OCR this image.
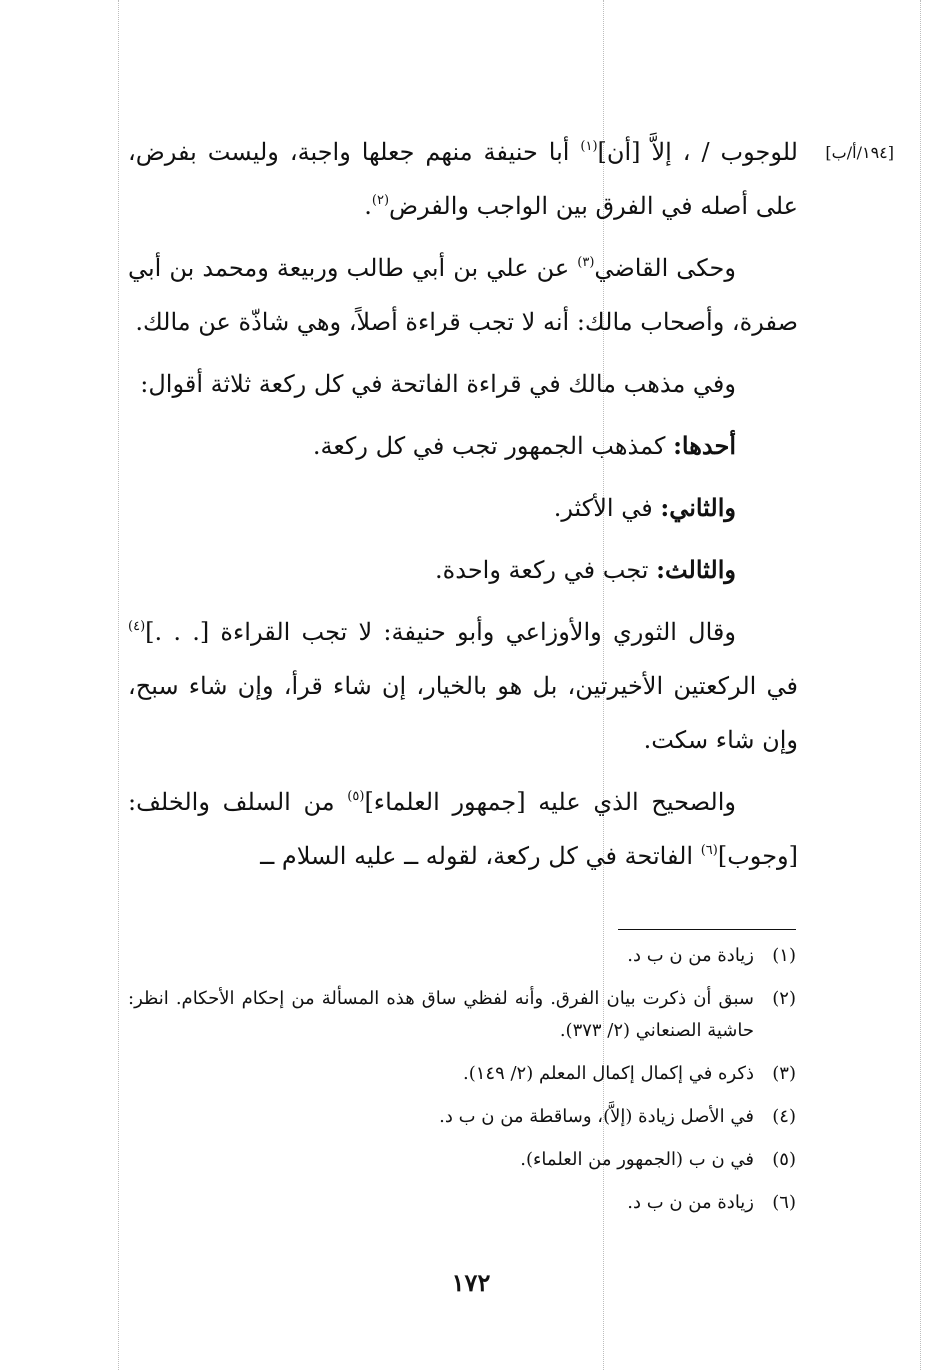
[١٩٤/أ/ب]

للوجوب / ، إلاَّ [أن]$^{(١)}$ أبا حنيفة منهم جعلها واجبة، وليست بفرض، على أصله في الفرق بين الواجب والفرض$^{(٢)}$.

وحكى القاضي$^{(٣)}$ عن علي بن أبي طالب وربيعة ومحمد بن أبي صفرة، وأصحاب مالك: أنه لا تجب قراءة أصلاً، وهي شاذّة عن مالك.

وفي مذهب مالك في قراءة الفاتحة في كل ركعة ثلاثة أقوال:

أحدها: كمذهب الجمهور تجب في كل ركعة.

والثاني: في الأكثر.

والثالث: تجب في ركعة واحدة.

وقال الثوري والأوزاعي وأبو حنيفة: لا تجب القراءة [. . .]$^{(٤)}$ في الركعتين الأخيرتين، بل هو بالخيار، إن شاء قرأ، وإن شاء سبح، وإن شاء سكت.

والصحيح الذي عليه [جمهور العلماء]$^{(٥)}$ من السلف والخلف: [وجوب]$^{(٦)}$ الفاتحة في كل ركعة، لقوله ــ عليه السلام ــ

(١)
زيادة من ن ب د.
(٢)
سبق أن ذكرت بيان الفرق. وأنه لفظي ساق هذه المسألة من إحكام الأحكام. انظر: حاشية الصنعاني (٢/ ٣٧٣).
(٣)
ذكره في إكمال إكمال المعلم (٢/ ١٤٩).
(٤)
في الأصل زيادة (إلاَّ)، وساقطة من ن ب د.
(٥)
في ن ب (الجمهور من العلماء).
(٦)
زيادة من ن ب د.
١٧٢
